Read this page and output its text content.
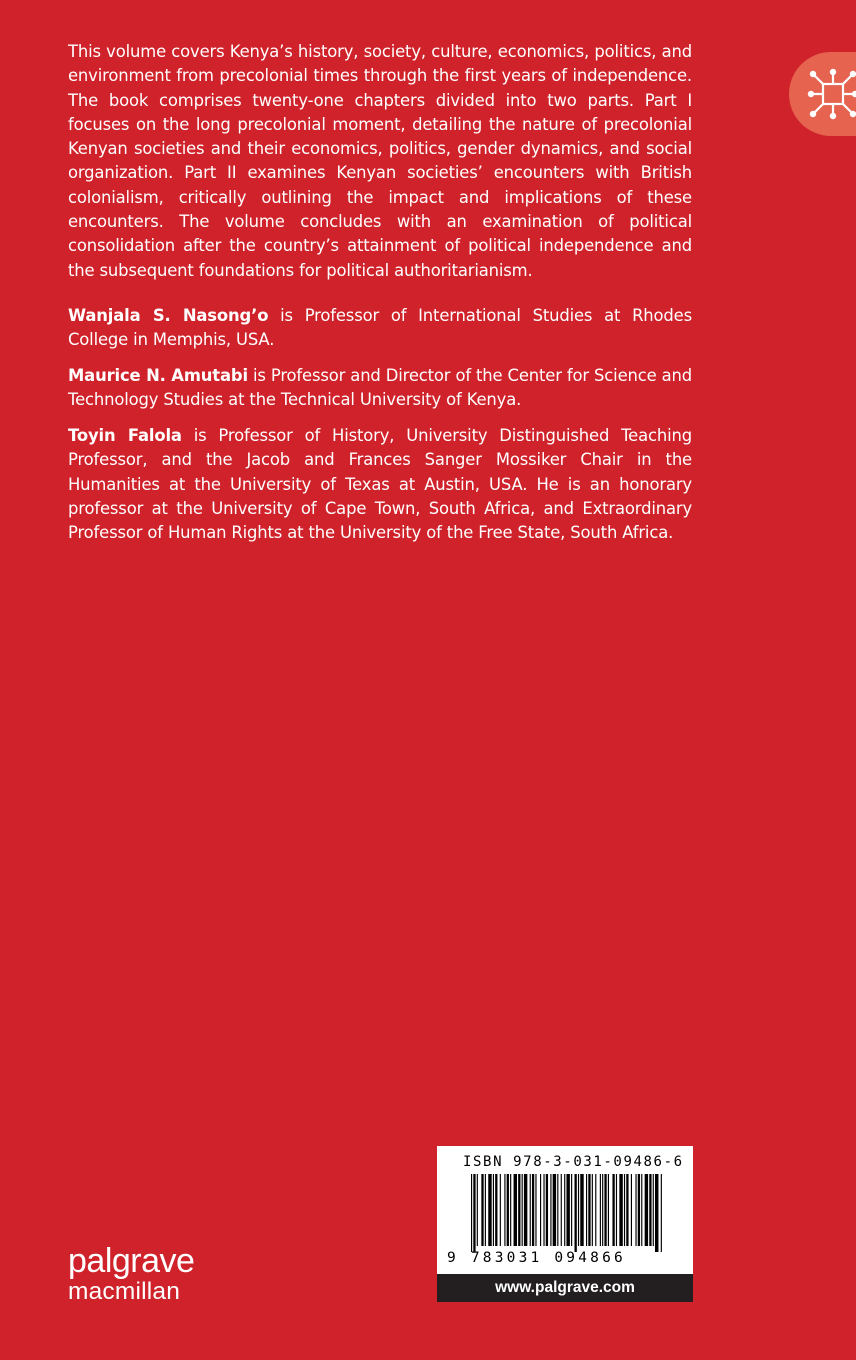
This volume covers Kenya’s history, society, culture, economics, politics, and environment from precolonial times through the first years of independence. The book comprises twenty-one chapters divided into two parts. Part I focuses on the long precolonial moment, detailing the nature of precolonial Kenyan societies and their economics, politics, gender dynamics, and social organization. Part II examines Kenyan societies’ encounters with British colonialism, critically outlining the impact and implications of these encounters. The volume concludes with an examination of political consolidation after the country’s attainment of political independence and the subsequent foundations for political authoritarianism.

Wanjala S. Nasong’o is Professor of International Studies at Rhodes College in Memphis, USA.

Maurice N. Amutabi is Professor and Director of the Center for Science and Technology Studies at the Technical University of Kenya.

Toyin Falola is Professor of History, University Distinguished Teaching Professor, and the Jacob and Frances Sanger Mossiker Chair in the Humanities at the University of Texas at Austin, USA. He is an honorary professor at the University of Cape Town, South Africa, and Extraordinary Professor of Human Rights at the University of the Free State, South Africa.

ISBN 978-3-031-09486-6
9 783031 094866
www.palgrave.com
palgrave
macmillan
